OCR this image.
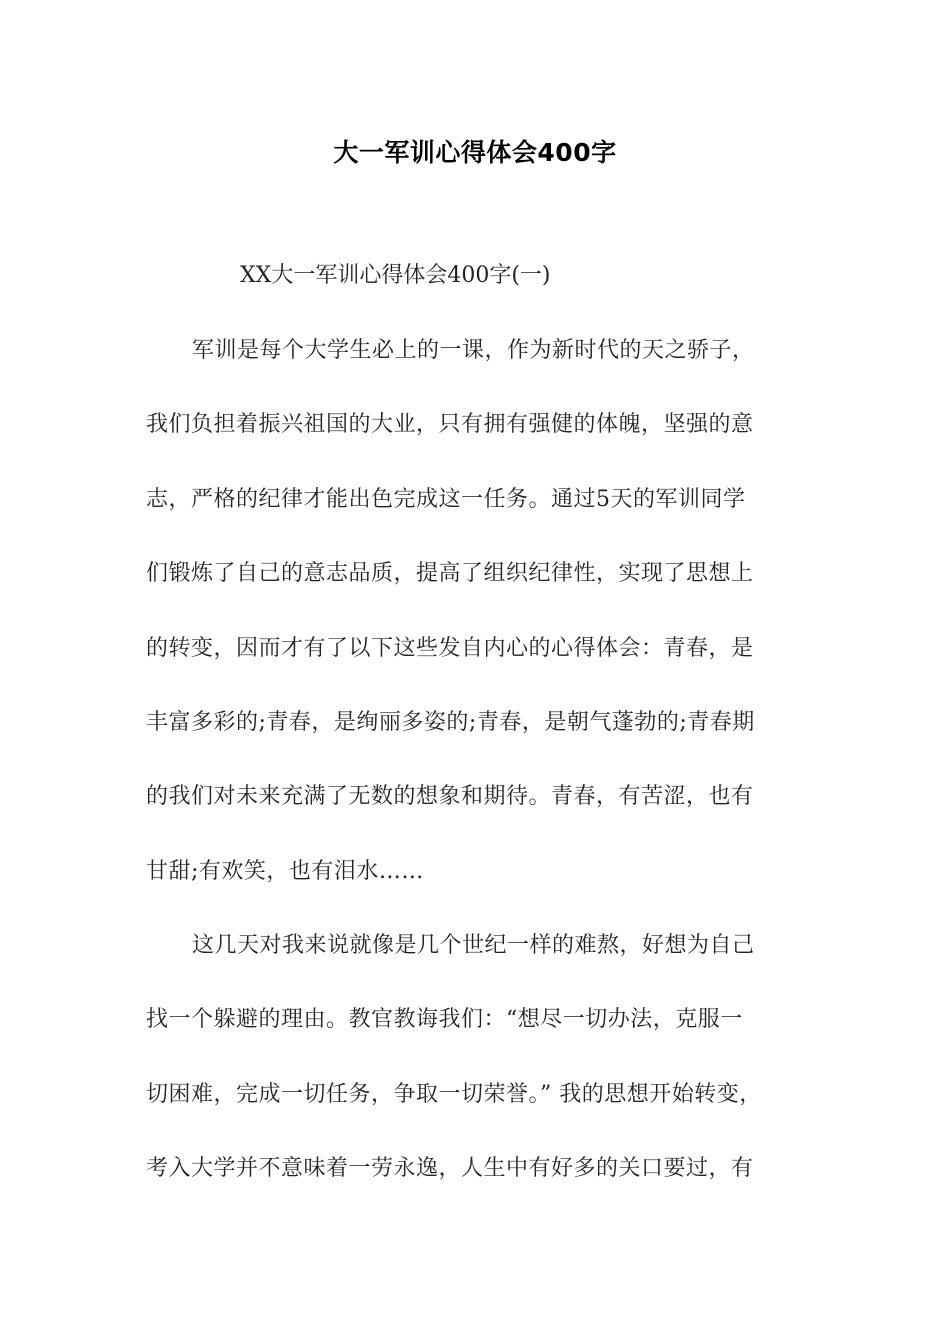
大一军训心得体会400字
XX大一军训心得体会400字(一)
军训是每个大学生必上的一课，作为新时代的天之骄子，
我们负担着振兴祖国的大业，只有拥有强健的体魄，坚强的意
志，严格的纪律才能出色完成这一任务。通过5天的军训同学
们锻炼了自己的意志品质，提高了组织纪律性，实现了思想上
的转变，因而才有了以下这些发自内心的心得体会：青春，是
丰富多彩的;青春，是绚丽多姿的;青春，是朝气蓬勃的;青春期
的我们对未来充满了无数的想象和期待。青春，有苦涩，也有
甘甜;有欢笑，也有泪水……
这几天对我来说就像是几个世纪一样的难熬，好想为自己
找一个躲避的理由。教官教诲我们：“想尽一切办法，克服一
切困难，完成一切任务，争取一切荣誉。” 我的思想开始转变，
考入大学并不意味着一劳永逸，人生中有好多的关口要过，有
